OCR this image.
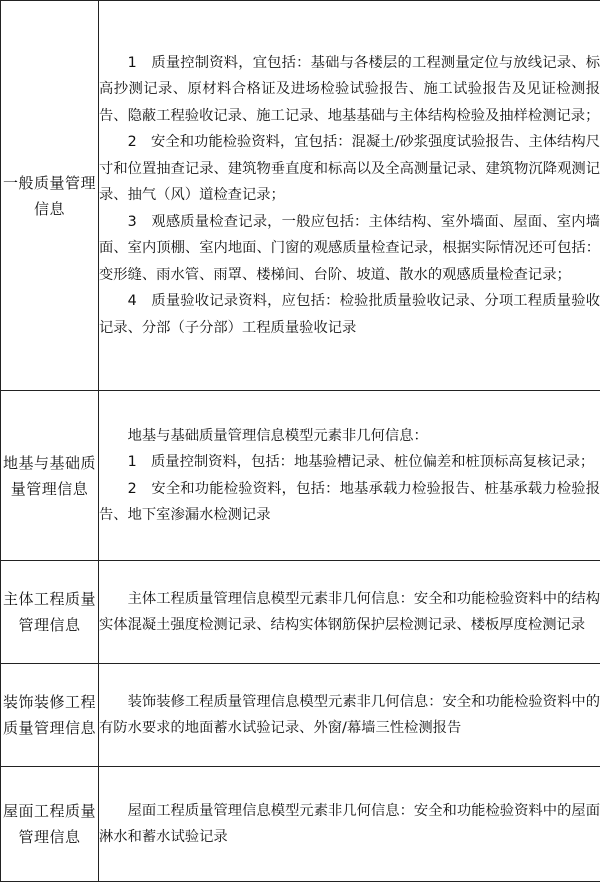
一般质量管理信息	1　质量控制资料，宜包括：基础与各楼层的工程测量定位与放线记录、标高抄测记录、原材料合格证及进场检验试验报告、施工试验报告及见证检测报告、隐蔽工程验收记录、施工记录、地基基础与主体结构检验及抽样检测记录；

2　安全和功能检验资料，宜包括：混凝土/砂浆强度试验报告、主体结构尺寸和位置抽查记录、建筑物垂直度和标高以及全高测量记录、建筑物沉降观测记录、抽气（风）道检查记录；

3　观感质量检查记录，一般应包括：主体结构、室外墙面、屋面、室内墙面、室内顶棚、室内地面、门窗的观感质量检查记录，根据实际情况还可包括：变形缝、雨水管、雨罩、楼梯间、台阶、坡道、散水的观感质量检查记录；

4　质量验收记录资料，应包括：检验批质量验收记录、分项工程质量验收记录、分部（子分部）工程质量验收记录

地基与基础质量管理信息	地基与基础质量管理信息模型元素非几何信息：

1　质量控制资料，包括：地基验槽记录、桩位偏差和桩顶标高复核记录；

2　安全和功能检验资料，包括：地基承载力检验报告、桩基承载力检验报告、地下室渗漏水检测记录

主体工程质量管理信息	主体工程质量管理信息模型元素非几何信息：安全和功能检验资料中的结构实体混凝土强度检测记录、结构实体钢筋保护层检测记录、楼板厚度检测记录

装饰装修工程质量管理信息	装饰装修工程质量管理信息模型元素非几何信息：安全和功能检验资料中的有防水要求的地面蓄水试验记录、外窗/幕墙三性检测报告

屋面工程质量管理信息	屋面工程质量管理信息模型元素非几何信息：安全和功能检验资料中的屋面淋水和蓄水试验记录
